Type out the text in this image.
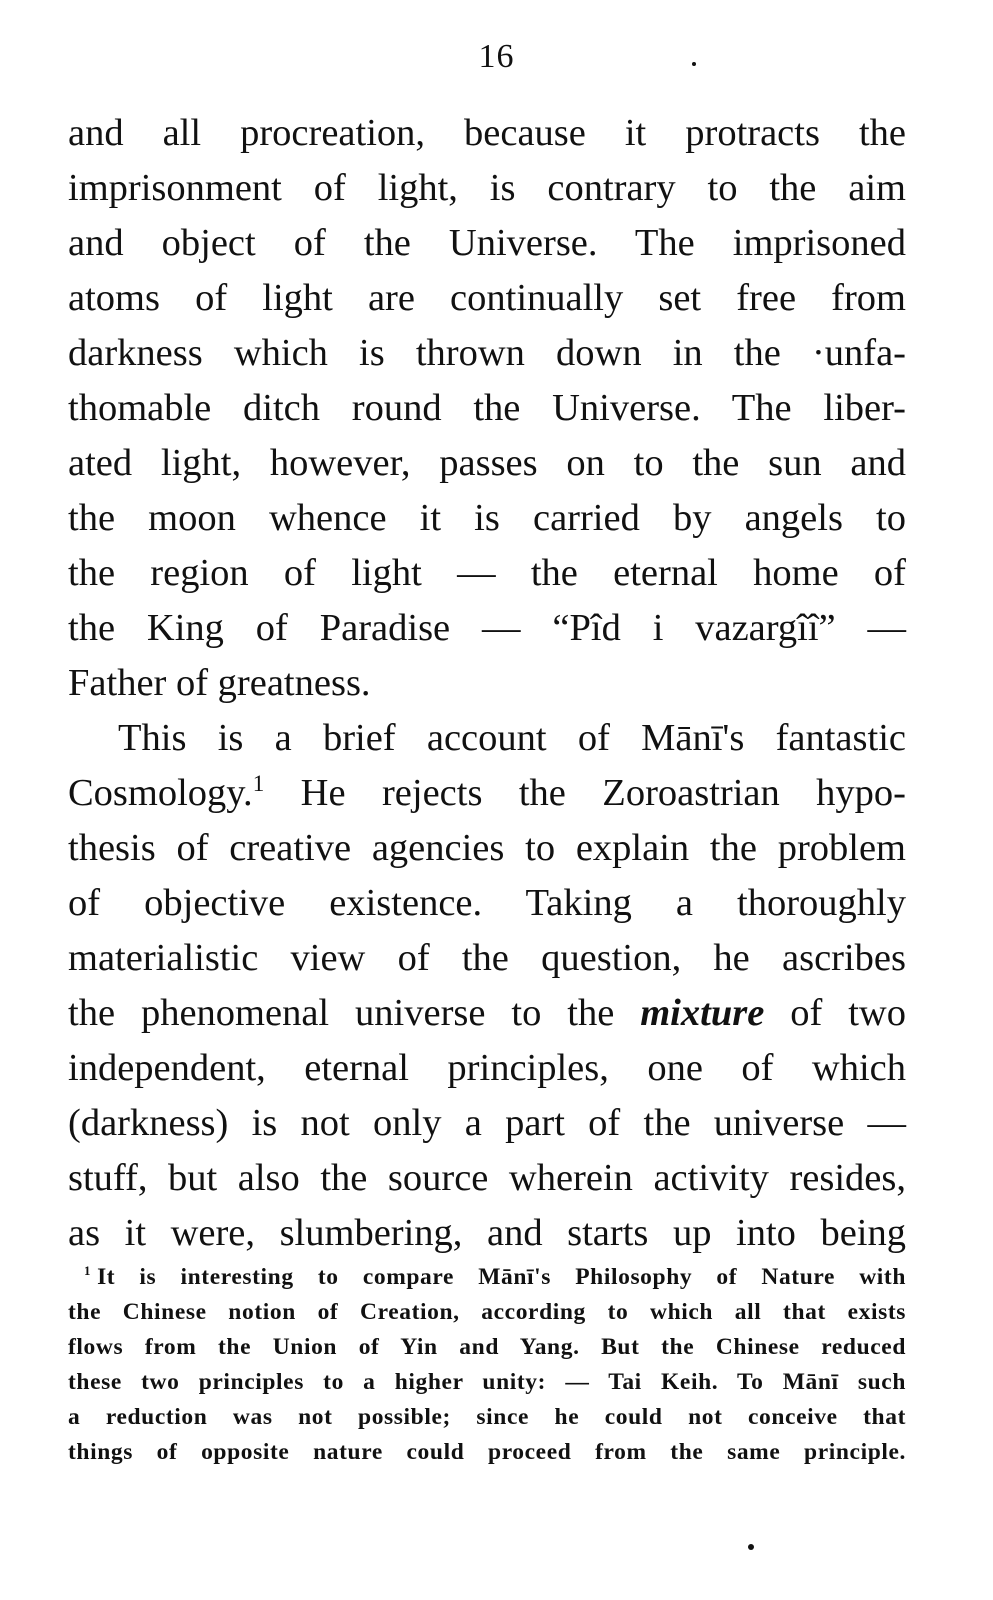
16

and all procreation, because it protracts the
imprisonment of light, is contrary to the aim
and object of the Universe. The imprisoned
atoms of light are continually set free from
darkness which is thrown down in the ·unfa-
thomable ditch round the Universe. The liber-
ated light, however, passes on to the sun and
the moon whence it is carried by angels to
the region of light — the eternal home of
the King of Paradise — “Pîd i vazargîî” —
Father of greatness.

This is a brief account of Mānī's fantastic
Cosmology.$^1$ He rejects the Zoroastrian hypo-
thesis of creative agencies to explain the problem
of objective existence. Taking a thoroughly
materialistic view of the question, he ascribes
the phenomenal universe to the mixture of two
independent, eternal principles, one of which
(darkness) is not only a part of the universe —
stuff, but also the source wherein activity resides,
as it were, slumbering, and starts up into being

$^1$ It is interesting to compare Mānī's Philosophy of Nature with
the Chinese notion of Creation, according to which all that exists
flows from the Union of Yin and Yang. But the Chinese reduced
these two principles to a higher unity: — Tai Keih. To Mānī such
a reduction was not possible; since he could not conceive that
things of opposite nature could proceed from the same principle.
